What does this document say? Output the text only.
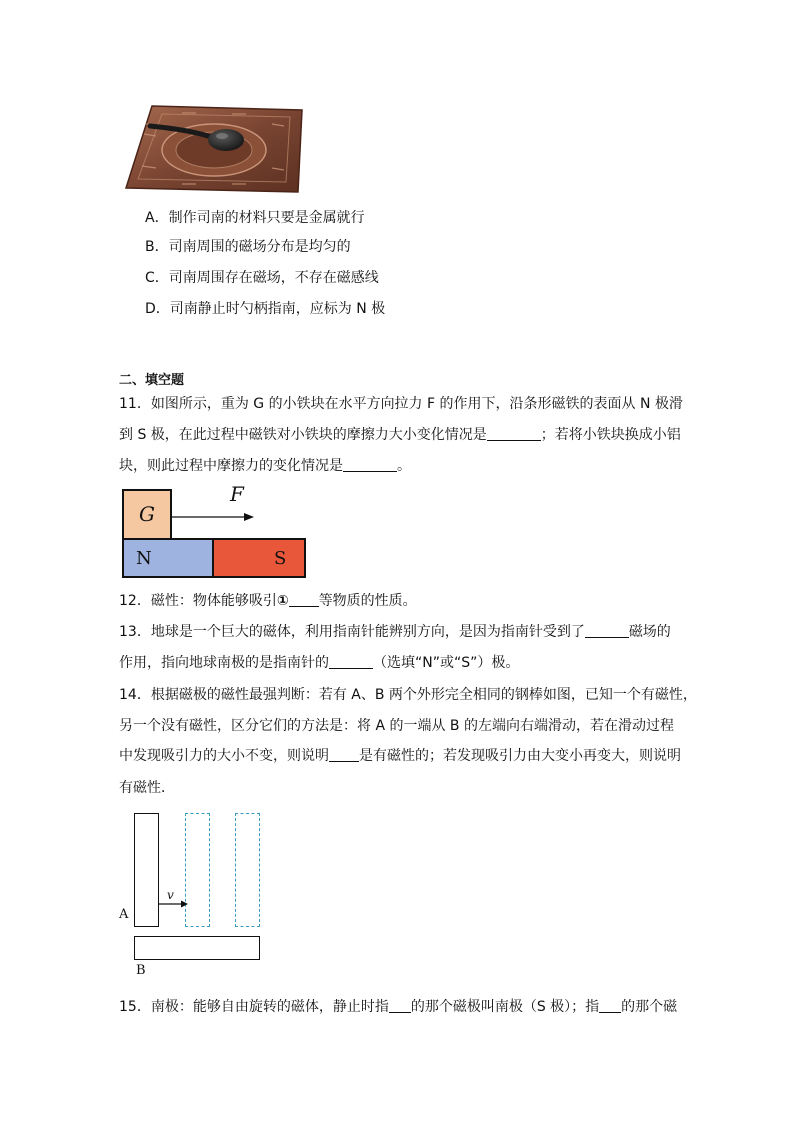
A．制作司南的材料只要是金属就行
B．司南周围的磁场分布是均匀的
C．司南周围存在磁场，不存在磁感线
D．司南静止时勺柄指南，应标为 N 极
二、填空题
11．如图所示，重为 G 的小铁块在水平方向拉力 F 的作用下，沿条形磁铁的表面从 N 极滑
到 S 极，在此过程中磁铁对小铁块的摩擦力大小变化情况是	；若将小铁块换成小铝
块，则此过程中摩擦力的变化情况是	。
G
F
N	S
12．磁性：物体能够吸引① 等物质的性质。
13．地球是一个巨大的磁体，利用指南针能辨别方向，是因为指南针受到了	磁场的
作用，指向地球南极的是指南针的	（选填“N”或“S”）极。
14．根据磁极的磁性最强判断：若有 A、B 两个外形完全相同的钢棒如图，已知一个有磁性，
另一个没有磁性，区分它们的方法是：将 A 的一端从 B 的左端向右端滑动，若在滑动过程
中发现吸引力的大小不变，则说明 是有磁性的；若发现吸引力由大变小再变大，则说明
有磁性．
v
A
B
15．南极：能够自由旋转的磁体，静止时指 的那个磁极叫南极（S 极）；指 的那个磁
